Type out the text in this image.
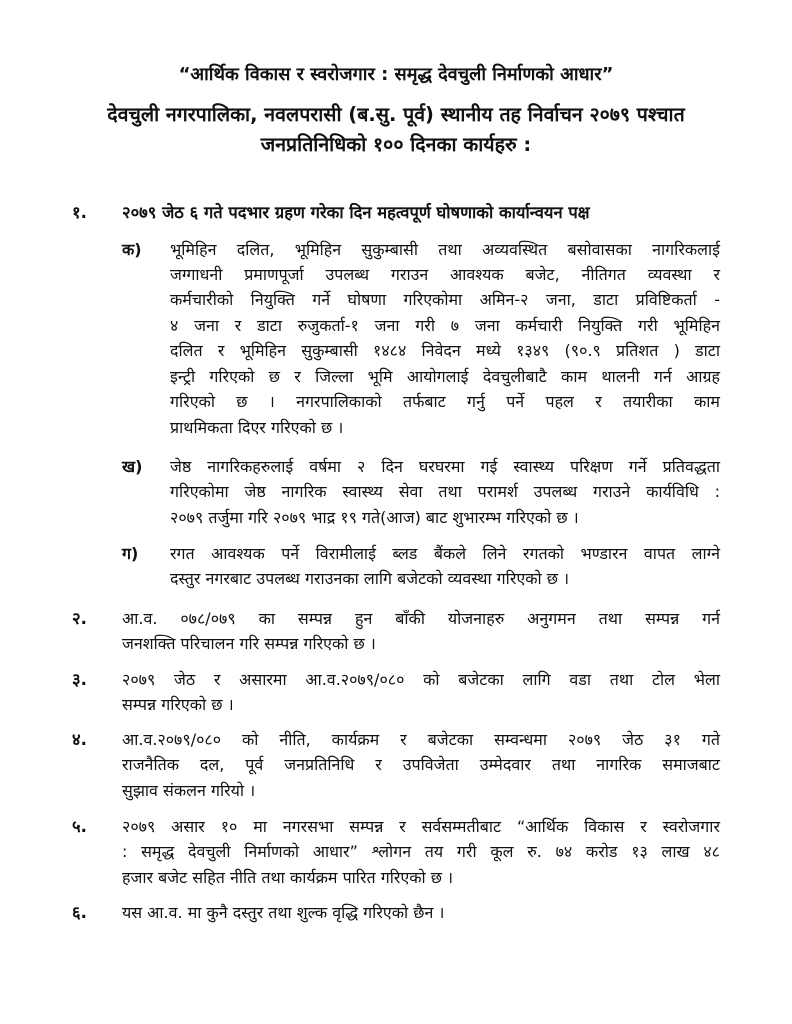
“आर्थिक विकास र स्वरोजगार : समृद्ध देवचुली निर्माणको आधार”
देवचुली नगरपालिका, नवलपरासी (ब.सु. पूर्व) स्थानीय तह निर्वाचन २०७९ पश्चात
जनप्रतिनिधिको १०० दिनका कार्यहरु :
१. २०७९ जेठ ६ गते पदभार ग्रहण गरेका दिन महत्वपूर्ण घोषणाको कार्यान्वयन पक्ष
क) भूमिहिन दलित, भूमिहिन सुकुम्बासी तथा अव्यवस्थित बसोवासका नागरिकलाई
जग्गाधनी प्रमाणपूर्जा उपलब्ध गराउन आवश्यक बजेट, नीतिगत व्यवस्था र
कर्मचारीको नियुक्ति गर्ने घोषणा गरिएकोमा अमिन-२ जना, डाटा प्रविष्टिकर्ता -
४ जना र डाटा रुजुकर्ता-१ जना गरी ७ जना कर्मचारी नियुक्ति गरी भूमिहिन
दलित र भूमिहिन सुकुम्बासी १४८४ निवेदन मध्ये १३४९ (९०.९ प्रतिशत ) डाटा
इन्ट्री गरिएको छ र जिल्ला भूमि आयोगलाई देवचुलीबाटै काम थालनी गर्न आग्रह
गरिएको छ । नगरपालिकाको तर्फबाट गर्नु पर्ने पहल र तयारीका काम
प्राथमिकता दिएर गरिएको छ ।
ख) जेष्ठ नागरिकहरुलाई वर्षमा २ दिन घरघरमा गई स्वास्थ्य परिक्षण गर्ने प्रतिवद्धता
गरिएकोमा जेष्ठ नागरिक स्वास्थ्य सेवा तथा परामर्श उपलब्ध गराउने कार्यविधि :
२०७९ तर्जुमा गरि २०७९ भाद्र १९ गते(आज) बाट शुभारम्भ गरिएको छ ।
ग) रगत आवश्यक पर्ने विरामीलाई ब्लड बैंकले लिने रगतको भण्डारन वापत लाग्ने
दस्तुर नगरबाट उपलब्ध गराउनका लागि बजेटको व्यवस्था गरिएको छ ।
२. आ.व. ०७८/०७९ का सम्पन्न हुन बाँकी योजनाहरु अनुगमन तथा सम्पन्न गर्न
जनशक्ति परिचालन गरि सम्पन्न गरिएको छ ।
३. २०७९ जेठ र असारमा आ.व.२०७९/०८० को बजेटका लागि वडा तथा टोल भेला
सम्पन्न गरिएको छ ।
४. आ.व.२०७९/०८० को नीति, कार्यक्रम र बजेटका सम्वन्धमा २०७९ जेठ ३१ गते
राजनैतिक दल, पूर्व जनप्रतिनिधि र उपविजेता उम्मेदवार तथा नागरिक समाजबाट
सुझाव संकलन गरियो ।
५. २०७९ असार १० मा नगरसभा सम्पन्न र सर्वसम्मतीबाट “आर्थिक विकास र स्वरोजगार
: समृद्ध देवचुली निर्माणको आधार” श्लोगन तय गरी कूल रु. ७४ करोड १३ लाख ४८
हजार बजेट सहित नीति तथा कार्यक्रम पारित गरिएको छ ।
६. यस आ.व. मा कुनै दस्तुर तथा शुल्क वृद्धि गरिएको छैन ।
